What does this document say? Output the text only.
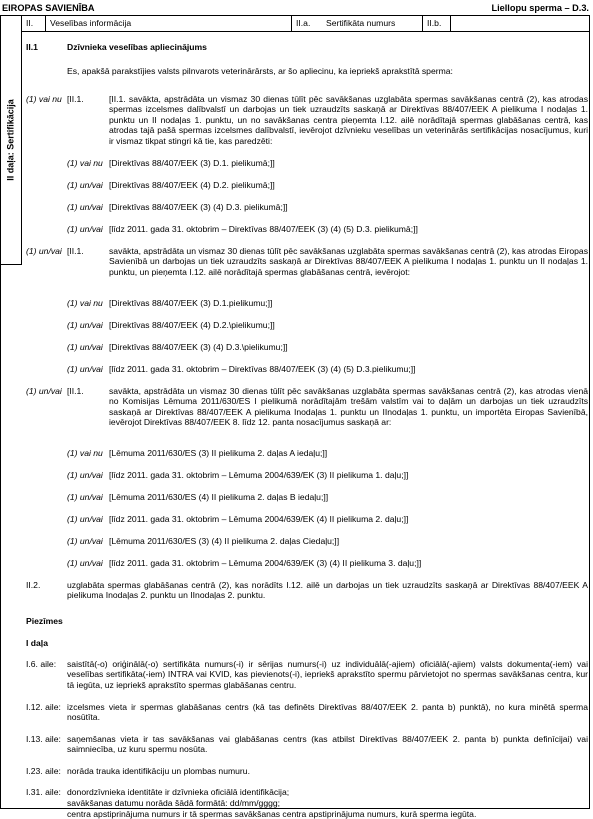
EIROPAS SAVIENĪBA	Liellopu sperma – D.3.
II daļa: Sertifikācija
II. Veselības informācija	II.a. Sertifikāta numurs	II.b.
II.1	Dzīvnieka veselības apliecinājums
Es, apakšā parakstījies valsts pilnvarots veterinārārsts, ar šo apliecinu, ka iepriekš aprakstītā sperma:
(1) vai nu [II.1.	[II.1. savākta, apstrādāta un vismaz 30 dienas tūlīt pēc savākšanas uzglabāta spermas savākšanas centrā (2), kas atrodas spermas izcelsmes dalībvalstī un darbojas un tiek uzraudzīts saskaņā ar Direktīvas 88/407/EEK A pielikuma I nodaļas 1. punktu un II nodaļas 1. punktu, un no savākšanas centra pieņemta I.12. ailē norādītajā spermas glabāšanas centrā, kas atrodas tajā pašā spermas izcelsmes dalībvalstī, ievērojot dzīvnieku veselības un veterinārās sertifikācijas nosacījumus, kuri ir vismaz tikpat stingri kā tie, kas paredzēti:
(1) vai nu [Direktīvas 88/407/EEK (3) D.1. pielikumā;]]
(1) un/vai [Direktīvas 88/407/EEK (4) D.2. pielikumā;]]
(1) un/vai [Direktīvas 88/407/EEK (3) (4) D.3. pielikumā;]]
(1) un/vai [līdz 2011. gada 31. oktobrim – Direktīvas 88/407/EEK (3) (4) (5) D.3. pielikumā;]]
(1) un/vai [II.1.	savākta, apstrādāta un vismaz 30 dienas tūlīt pēc savākšanas uzglabāta spermas savākšanas centrā (2), kas atrodas Eiropas Savienībā un darbojas un tiek uzraudzīts saskaņā ar Direktīvas 88/407/EEK A pielikuma I nodaļas 1. punktu un II nodaļas 1. punktu, un pieņemta I.12. ailē norādītajā spermas glabāšanas centrā, ievērojot:
(1) vai nu [Direktīvas 88/407/EEK (3) D.1.pielikumu;]]
(1) un/vai [Direktīvas 88/407/EEK (4) D.2.\pielikumu;]]
(1) un/vai [Direktīvas 88/407/EEK (3) (4) D.3.\pielikumu;]]
(1) un/vai [līdz 2011. gada 31. oktobrim – Direktīvas 88/407/EEK (3) (4) (5) D.3.pielikumu;]]
(1) un/vai [II.1.	savākta, apstrādāta un vismaz 30 dienas tūlīt pēc savākšanas uzglabāta spermas savākšanas centrā (2), kas atrodas vienā no Komisijas Lēmuma 2011/630/ES I pielikumā norādītajām trešām valstīm vai to daļām un darbojas un tiek uzraudzīts saskaņā ar Direktīvas 88/407/EEK A pielikuma Inodaļas 1. punktu un IInodaļas 1. punktu, un importēta Eiropas Savienībā, ievērojot Direktīvas 88/407/EEK 8. līdz 12. panta nosacījumus saskaņā ar:
(1) vai nu [Lēmuma 2011/630/ES (3) II pielikuma 2. daļas A iedaļu;]]
(1) un/vai [līdz 2011. gada 31. oktobrim – Lēmuma 2004/639/EK (3) II pielikuma 1. daļu;]]
(1) un/vai [Lēmuma 2011/630/ES (4) II pielikuma 2. daļas B iedaļu;]]
(1) un/vai [līdz 2011. gada 31. oktobrim – Lēmuma 2004/639/EK (4) II pielikuma 2. daļu;]]
(1) un/vai [Lēmuma 2011/630/ES (3) (4) II pielikuma 2. daļas Ciedaļu;]]
(1) un/vai [līdz 2011. gada 31. oktobrim – Lēmuma 2004/639/EK (3) (4) II pielikuma 3. daļu;]]
II.2.	uzglabāta spermas glabāšanas centrā (2), kas norādīts I.12. ailē un darbojas un tiek uzraudzīts saskaņā ar Direktīvas 88/407/EEK A pielikuma Inodaļas 2. punktu un IInodaļas 2. punktu.
Piezīmes
I daļa
I.6. aile: saistītā(-o) oriģinālā(-o) sertifikāta numurs(-i) ir sērijas numurs(-i) uz individuālā(-ajiem) oficiālā(-ajiem) valsts dokumenta(-iem) vai veselības sertifikāta(-iem) INTRA vai KVID, kas pievienots(-i), iepriekš aprakstīto spermu pārvietojot no spermas savākšanas centra, kur tā iegūta, uz iepriekš aprakstīto spermas glabāšanas centru.
I.12. aile: izcelsmes vieta ir spermas glabāšanas centrs (kā tas definēts Direktīvas 88/407/EEK 2. panta b) punktā), no kura minētā sperma nosūtīta.
I.13. aile: saņemšanas vieta ir tas savākšanas vai glabāšanas centrs (kas atbilst Direktīvas 88/407/EEK 2. panta b) punkta definīcijai) vai saimniecība, uz kuru spermu nosūta.
I.23. aile: norāda trauka identifikāciju un plombas numuru.
I.31. aile: donordzīvnieka identitāte ir dzīvnieka oficiālā identifikācija;
savākšanas datumu norāda šādā formātā: dd/mm/gggg;
centra apstiprinājuma numurs ir tā spermas savākšanas centra apstiprinājuma numurs, kurā sperma iegūta.
